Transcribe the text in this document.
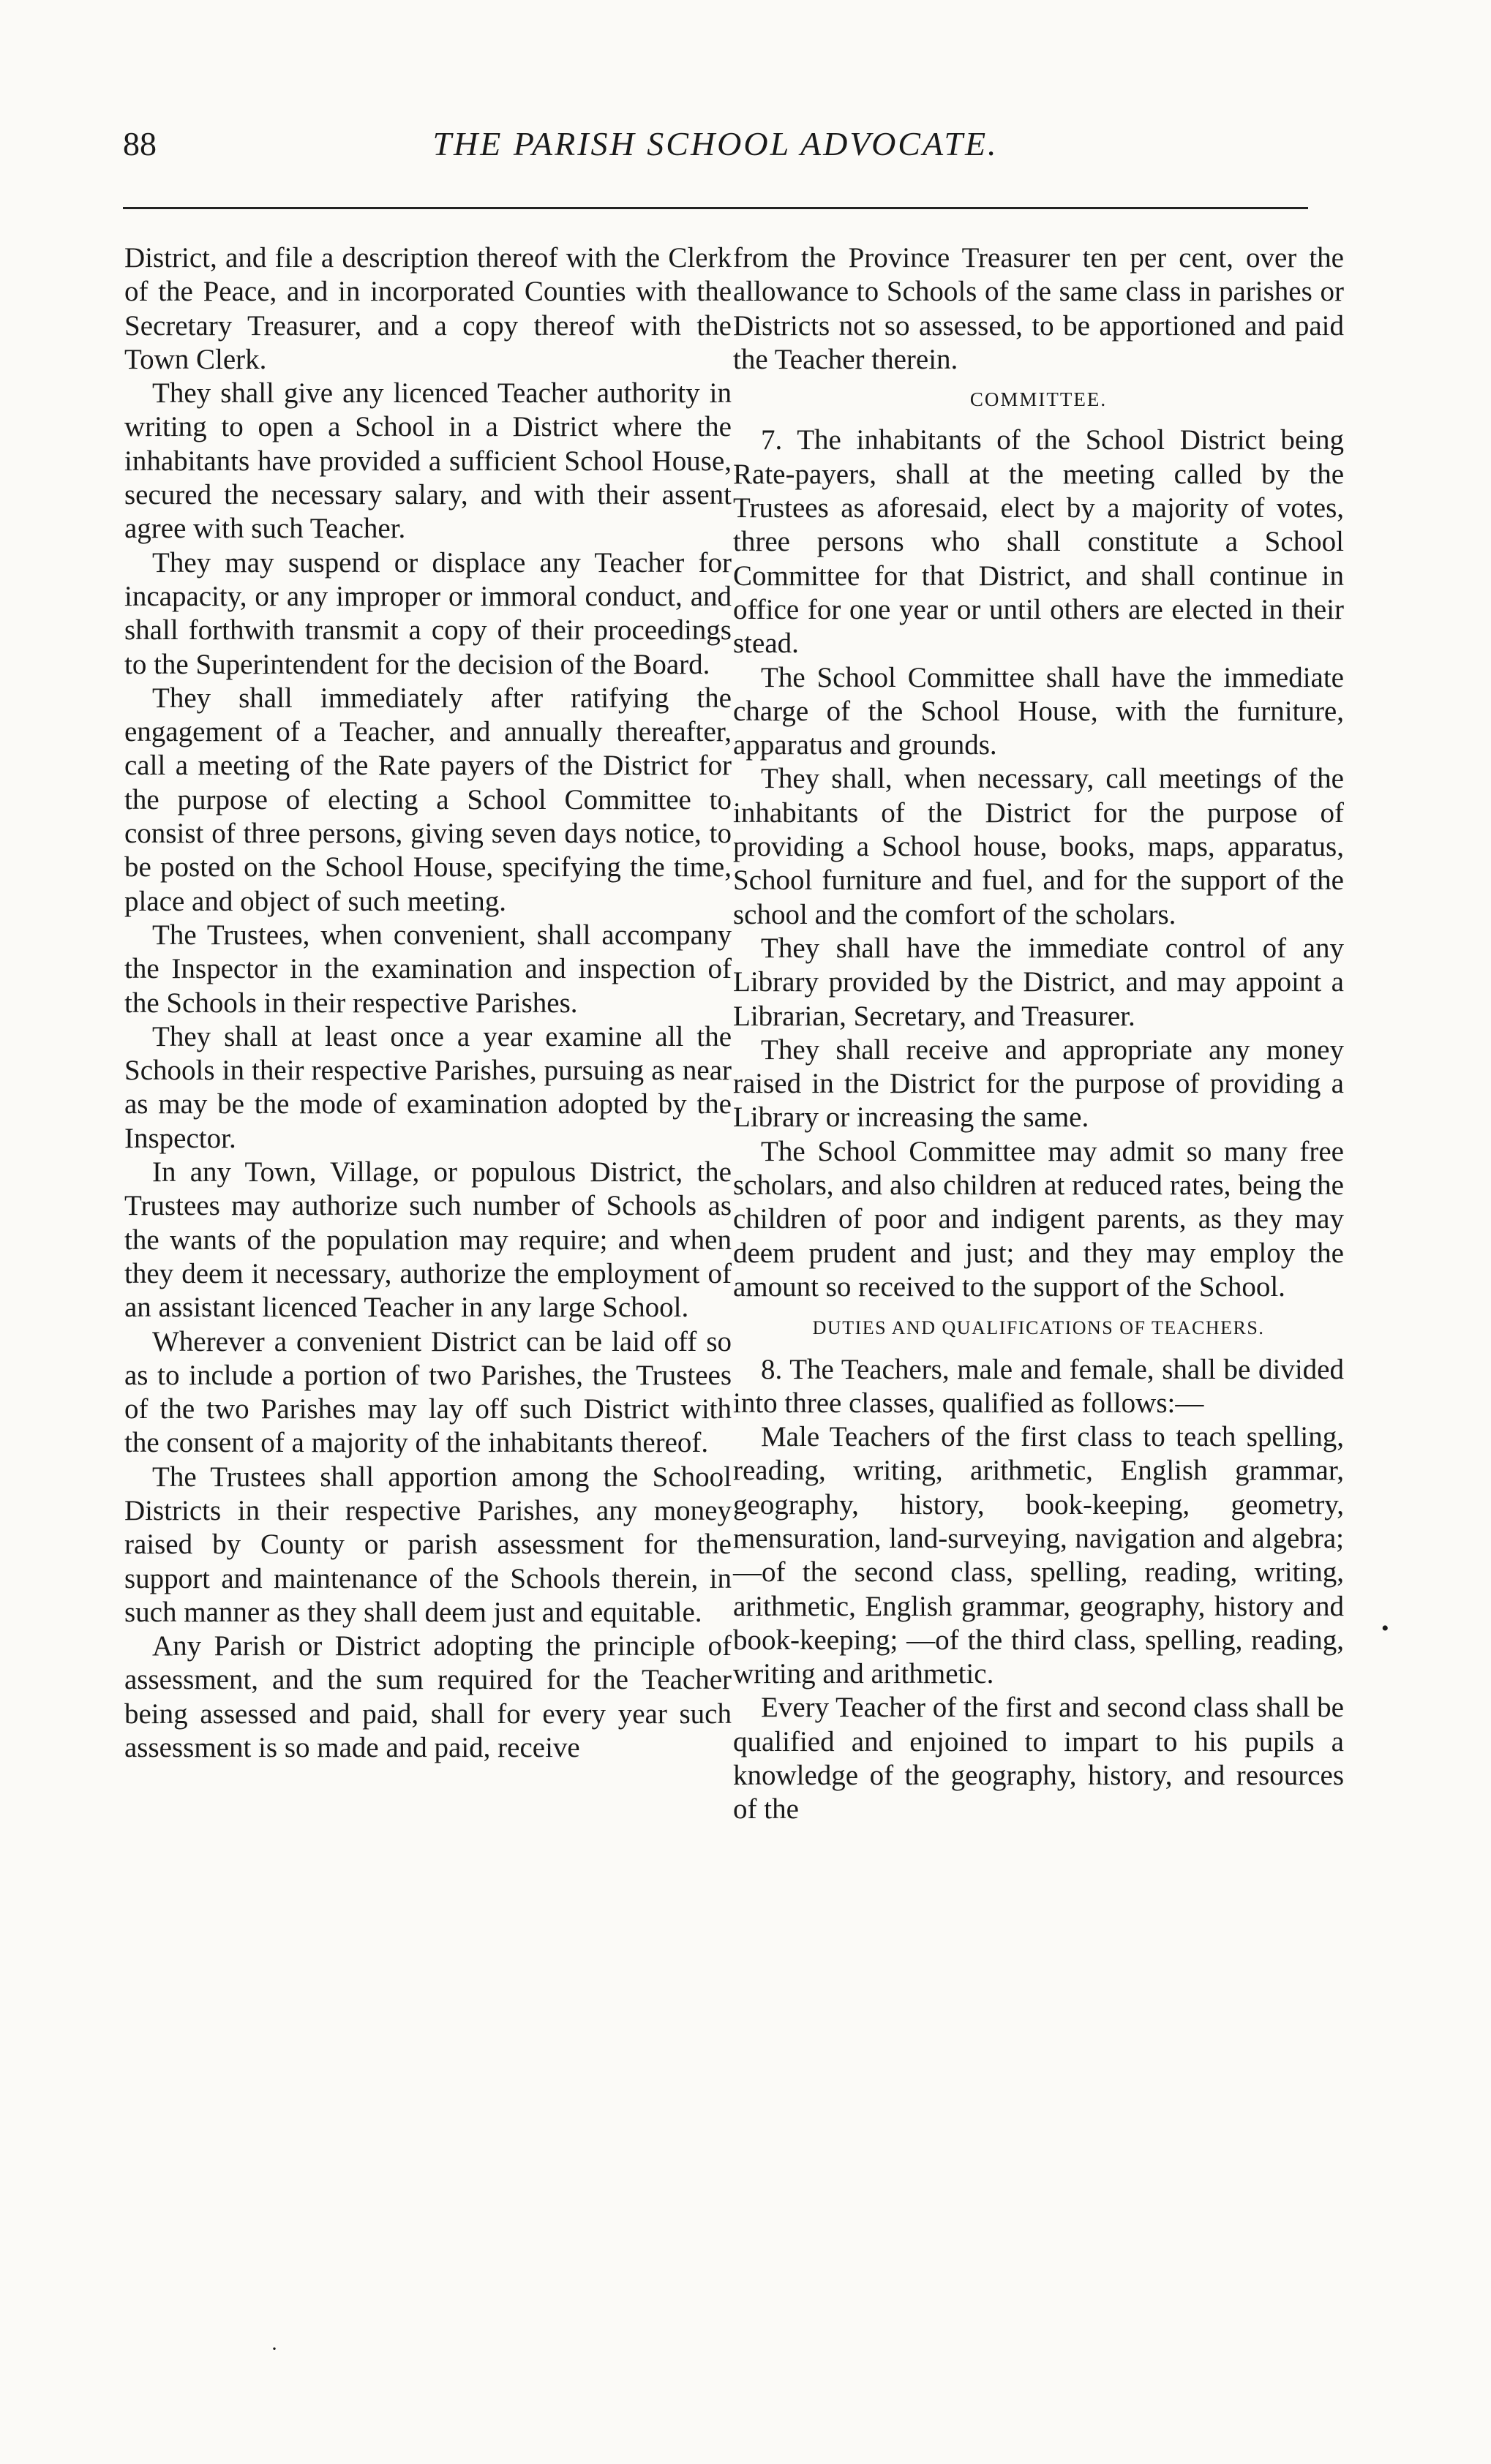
88	THE PARISH SCHOOL ADVOCATE.

District, and file a description thereof with the Clerk of the Peace, and in incorporated Counties with the Secretary Treasurer, and a copy thereof with the Town Clerk.

They shall give any licenced Teacher authority in writing to open a School in a District where the inhabitants have provided a sufficient School House, secured the necessary salary, and with their assent agree with such Teacher.

They may suspend or displace any Teacher for incapacity, or any improper or immoral conduct, and shall forthwith transmit a copy of their proceedings to the Superintendent for the decision of the Board.

They shall immediately after ratifying the engagement of a Teacher, and annually thereafter, call a meeting of the Rate payers of the District for the purpose of electing a School Committee to consist of three persons, giving seven days notice, to be posted on the School House, specifying the time, place and object of such meeting.

The Trustees, when convenient, shall accompany the Inspector in the examination and inspection of the Schools in their respective Parishes.

They shall at least once a year examine all the Schools in their respective Parishes, pursuing as near as may be the mode of examination adopted by the Inspector.

In any Town, Village, or populous District, the Trustees may authorize such number of Schools as the wants of the population may require; and when they deem it necessary, authorize the employment of an assistant licenced Teacher in any large School.

Wherever a convenient District can be laid off so as to include a portion of two Parishes, the Trustees of the two Parishes may lay off such District with the consent of a majority of the inhabitants thereof.

The Trustees shall apportion among the School Districts in their respective Parishes, any money raised by County or parish assessment for the support and maintenance of the Schools therein, in such manner as they shall deem just and equitable.

Any Parish or District adopting the principle of assessment, and the sum required for the Teacher being assessed and paid, shall for every year such assessment is so made and paid, receive

from the Province Treasurer ten per cent, over the allowance to Schools of the same class in parishes or Districts not so assessed, to be apportioned and paid the Teacher therein.

COMMITTEE.

7. The inhabitants of the School District being Rate-payers, shall at the meeting called by the Trustees as aforesaid, elect by a majority of votes, three persons who shall constitute a School Committee for that District, and shall continue in office for one year or until others are elected in their stead.

The School Committee shall have the immediate charge of the School House, with the furniture, apparatus and grounds.

They shall, when necessary, call meetings of the inhabitants of the District for the purpose of providing a School house, books, maps, apparatus, School furniture and fuel, and for the support of the school and the comfort of the scholars.

They shall have the immediate control of any Library provided by the District, and may appoint a Librarian, Secretary, and Treasurer.

They shall receive and appropriate any money raised in the District for the purpose of providing a Library or increasing the same.

The School Committee may admit so many free scholars, and also children at reduced rates, being the children of poor and indigent parents, as they may deem prudent and just; and they may employ the amount so received to the support of the School.

DUTIES AND QUALIFICATIONS OF TEACHERS.

8. The Teachers, male and female, shall be divided into three classes, qualified as follows:—

Male Teachers of the first class to teach spelling, reading, writing, arithmetic, English grammar, geography, history, book-keeping, geometry, mensuration, land-surveying, navigation and algebra; —of the second class, spelling, reading, writing, arithmetic, English grammar, geography, history and book-keeping; —of the third class, spelling, reading, writing and arithmetic.

Every Teacher of the first and second class shall be qualified and enjoined to impart to his pupils a knowledge of the geography, history, and resources of the

•
·
